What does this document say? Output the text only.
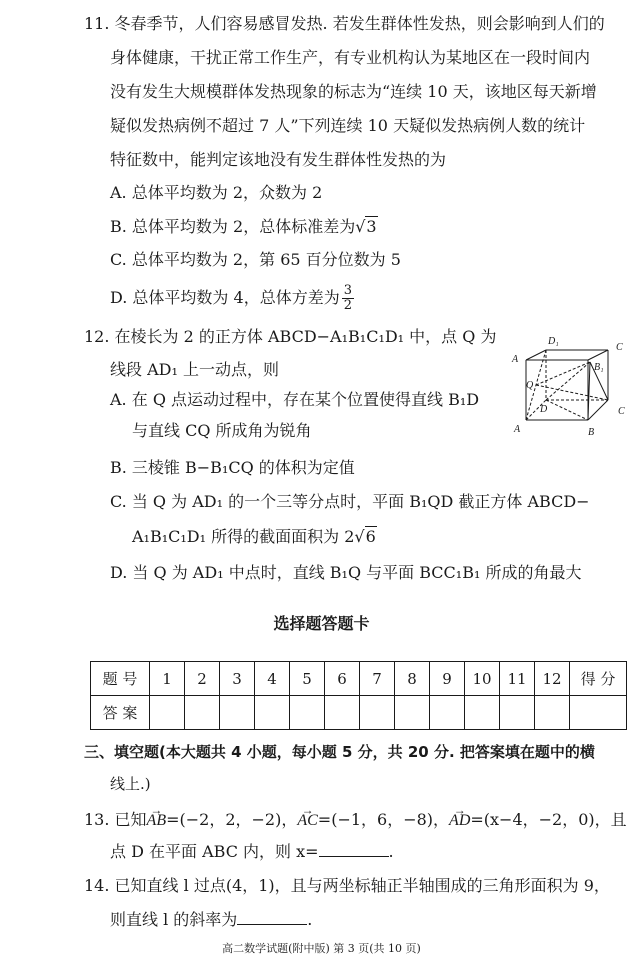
11. 冬春季节，人们容易感冒发热. 若发生群体性发热，则会影响到人们的
身体健康，干扰正常工作生产，有专业机构认为某地区在一段时间内
没有发生大规模群体发热现象的标志为“连续 10 天，该地区每天新增
疑似发热病例不超过 7 人”下列连续 10 天疑似发热病例人数的统计
特征数中，能判定该地没有发生群体性发热的为
A. 总体平均数为 2，众数为 2
B. 总体平均数为 2，总体标准差为√3
C. 总体平均数为 2，第 65 百分位数为 5
D. 总体平均数为 4，总体方差为 $\frac{3}{2}$
12. 在棱长为 2 的正方体 ABCD−A₁B₁C₁D₁ 中，点 Q 为
线段 AD₁ 上一动点，则
A. 在 Q 点运动过程中，存在某个位置使得直线 B₁D
与直线 CQ 所成角为锐角
B. 三棱锥 B−B₁CQ 的体积为定值
C. 当 Q 为 AD₁ 的一个三等分点时，平面 B₁QD 截正方体 ABCD−
A₁B₁C₁D₁ 所得的截面面积为 2√6
D. 当 Q 为 AD₁ 中点时，直线 B₁Q 与平面 BCC₁B₁ 所成的角最大
A
D₁
C
B₁
Q
D	C
A	B
选择题答题卡
题 号	1	2	3	4	5	6	7	8	9	10	11	12	得 分
答 案													
三、填空题(本大题共 4 小题，每小题 5 分，共 20 分. 把答案填在题中的横
线上.)
13. 已知→ AB=(−2，2，−2)，→ AC=(−1，6，−8)，→ AD=(x−4，−2，0)，且
点 D 在平面 ABC 内，则 x=	.
14. 已知直线 l 过点(4，1)，且与两坐标轴正半轴围成的三角形面积为 9，
则直线 l 的斜率为	.
高二数学试题(附中版) 第 3 页(共 10 页)
